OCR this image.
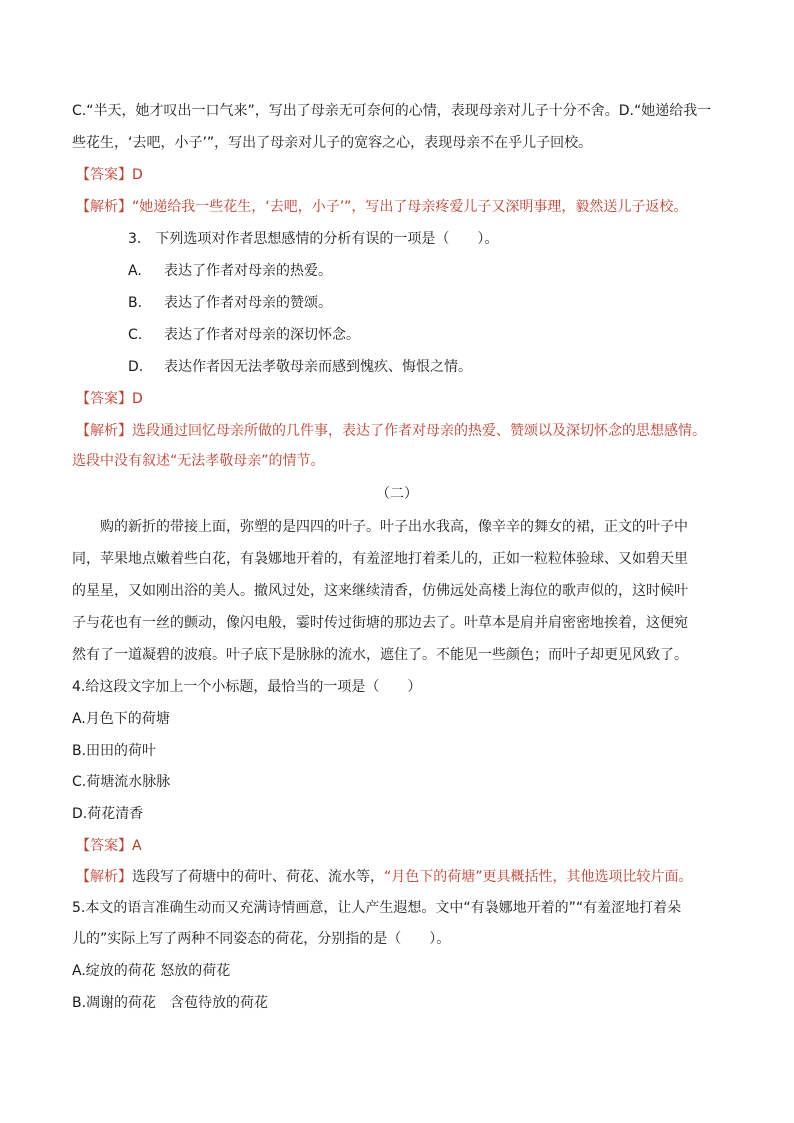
C.“半天，她才叹出一口气来”，写出了母亲无可奈何的心情，表现母亲对儿子十分不舍。D.“她递给我一
些花生，‘去吧，小子’”，写出了母亲对儿子的宽容之心，表现母亲不在乎儿子回校。
【答案】D
【解析】“她递给我一些花生，‘去吧，小子’”，写出了母亲疼爱儿子又深明事理，毅然送儿子返校。
3.　下列选项对作者思想感情的分析有误的一项是（　　）。
A. 表达了作者对母亲的热爱。
B. 表达了作者对母亲的赞颂。
C. 表达了作者对母亲的深切怀念。
D. 表达作者因无法孝敬母亲而感到愧疚、悔恨之情。
【答案】D
【解析】选段通过回忆母亲所做的几件事，表达了作者对母亲的热爱、赞颂以及深切怀念的思想感情。
选段中没有叙述“无法孝敬母亲”的情节。
（二）
　　购的新折的带接上面，弥塑的是四四的叶子。叶子出水我高，像辛辛的舞女的裙，正文的叶子中
同，苹果地点嫩着些白花，有袅娜地开着的，有羞涩地打着柔儿的，正如一粒粒体验球、又如碧天里
的星星，又如刚出浴的美人。撤风过处，这来继续清香，仿佛远处高楼上海位的歌声似的，这时候叶
子与花也有一丝的颤动，像闪电般，霎时传过街塘的那边去了。叶草本是肩并肩密密地挨着，这便宛
然有了一道凝碧的波痕。叶子底下是脉脉的流水，遮住了。不能见一些颜色；而叶子却更见风致了。
4.给这段文字加上一个小标题，最恰当的一项是（　　）
A.月色下的荷塘
B.田田的荷叶
C.荷塘流水脉脉
D.荷花清香
【答案】A
【解析】选段写了荷塘中的荷叶、荷花、流水等，“月色下的荷塘”更具概括性，其他选项比较片面。
5.本文的语言准确生动而又充满诗情画意，让人产生遐想。文中“有袅娜地开着的”“有羞涩地打着朵
儿的”实际上写了两种不同姿态的荷花，分别指的是（　　）。
A.绽放的荷花 怒放的荷花
B.凋谢的荷花　含苞待放的荷花
